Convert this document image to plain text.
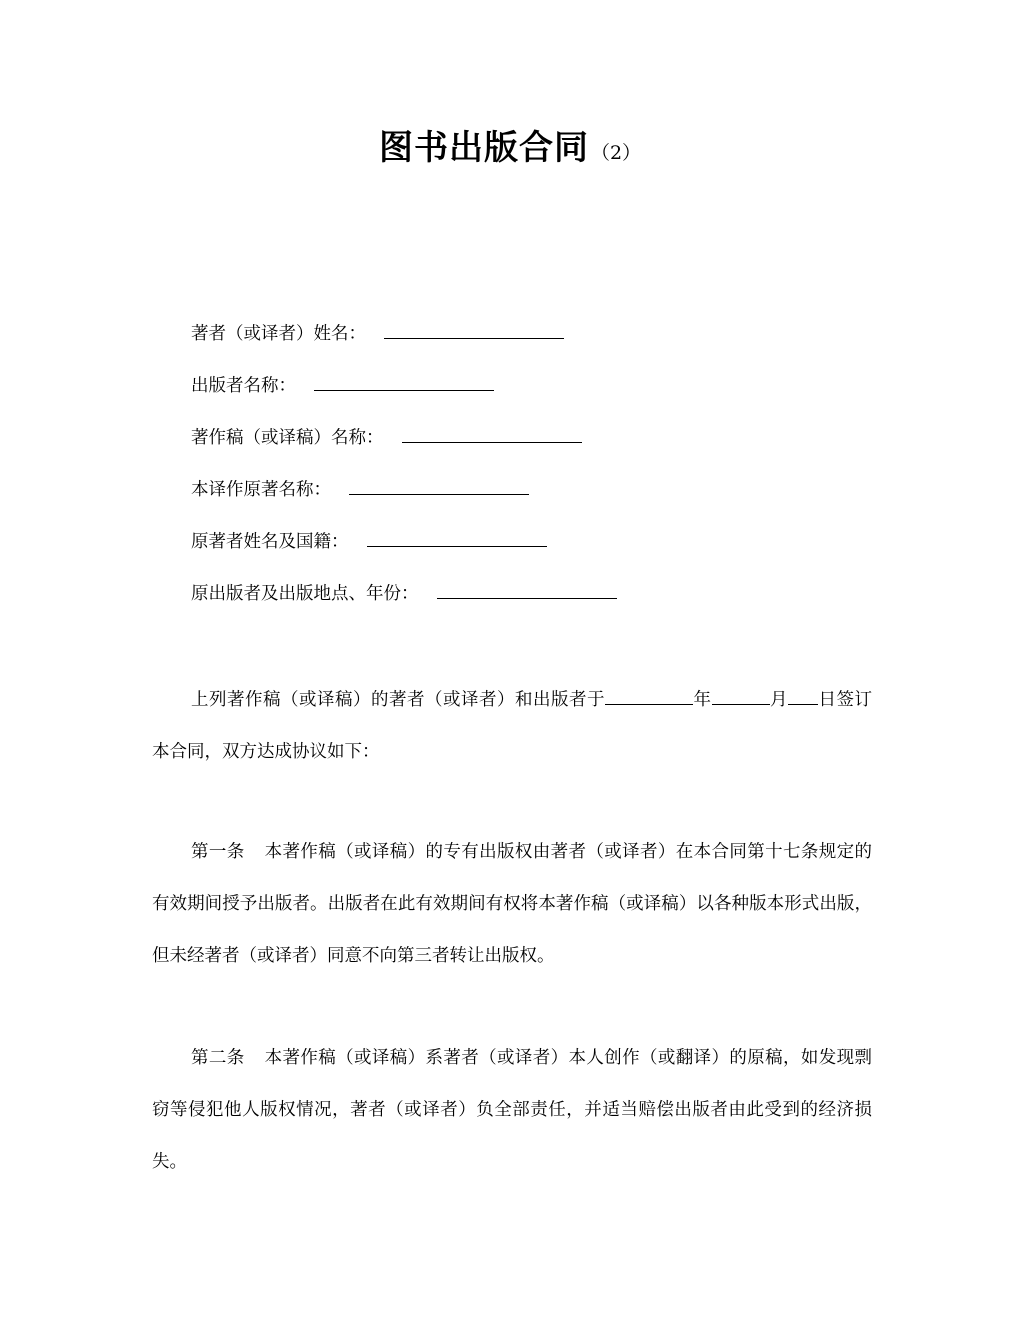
图书出版合同 （2）
著者（或译者）姓名：
出版者名称：
著作稿（或译稿）名称：
本译作原著名称：
原著者姓名及国籍：
原出版者及出版地点、年份：
上列著作稿（或译稿）的著者（或译者）和出版者于	年	月 日签订本合同，双方达成协议如下：
第一条 本著作稿（或译稿）的专有出版权由著者（或译者）在本合同第十七条规定的有效期间授予出版者。出版者在此有效期间有权将本著作稿（或译稿）以各种版本形式出版，但未经著者（或译者）同意不向第三者转让出版权。
第二条 本著作稿（或译稿）系著者（或译者）本人创作（或翻译）的原稿，如发现剽窃等侵犯他人版权情况，著者（或译者）负全部责任，并适当赔偿出版者由此受到的经济损失。
